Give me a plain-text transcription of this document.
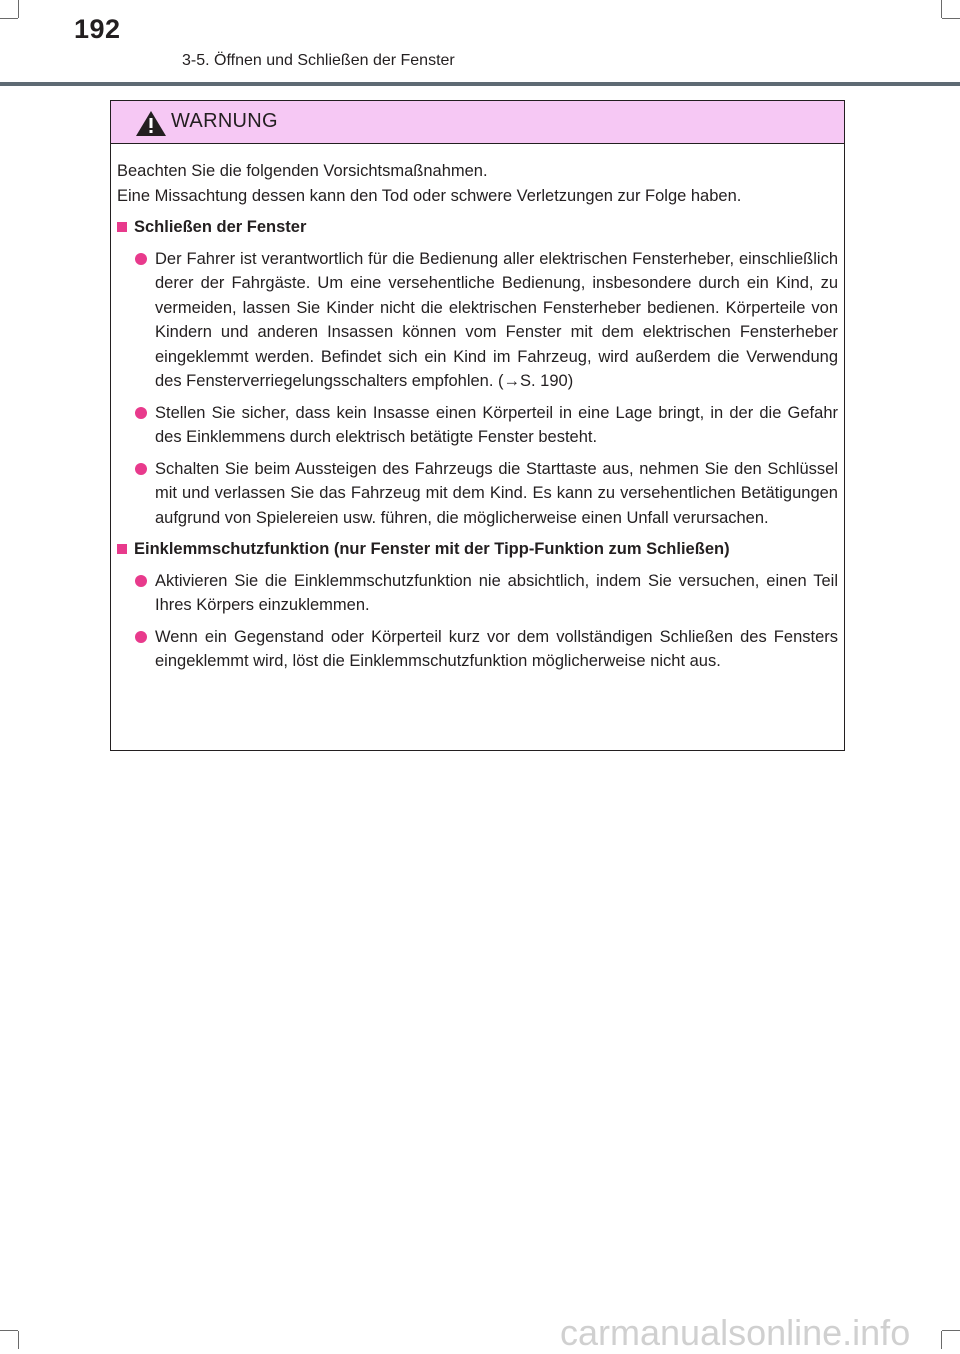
192
3-5. Öffnen und Schließen der Fenster
WARNUNG

Beachten Sie die folgenden Vorsichtsmaßnahmen.

Eine Missachtung dessen kann den Tod oder schwere Verletzungen zur Folge haben.

Schließen der Fenster
Der Fahrer ist verantwortlich für die Bedienung aller elektrischen Fensterheber, einschließlich derer der Fahrgäste. Um eine versehentliche Bedienung, insbesondere durch ein Kind, zu vermeiden, lassen Sie Kinder nicht die elektrischen Fensterheber bedienen. Körperteile von Kindern und anderen Insassen können vom Fenster mit dem elektrischen Fensterheber eingeklemmt werden. Befindet sich ein Kind im Fahrzeug, wird außerdem die Verwendung des Fensterverriegelungsschalters empfohlen. (→S. 190)
Stellen Sie sicher, dass kein Insasse einen Körperteil in eine Lage bringt, in der die Gefahr des Einklemmens durch elektrisch betätigte Fenster besteht.
Schalten Sie beim Aussteigen des Fahrzeugs die Starttaste aus, nehmen Sie den Schlüssel mit und verlassen Sie das Fahrzeug mit dem Kind. Es kann zu versehentlichen Betätigungen aufgrund von Spielereien usw. führen, die möglicherweise einen Unfall verursachen.
Einklemmschutzfunktion (nur Fenster mit der Tipp-Funktion zum Schließen)
Aktivieren Sie die Einklemmschutzfunktion nie absichtlich, indem Sie versuchen, einen Teil Ihres Körpers einzuklemmen.
Wenn ein Gegenstand oder Körperteil kurz vor dem vollständigen Schließen des Fensters eingeklemmt wird, löst die Einklemmschutzfunktion möglicherweise nicht aus.
carmanualsonline.info
